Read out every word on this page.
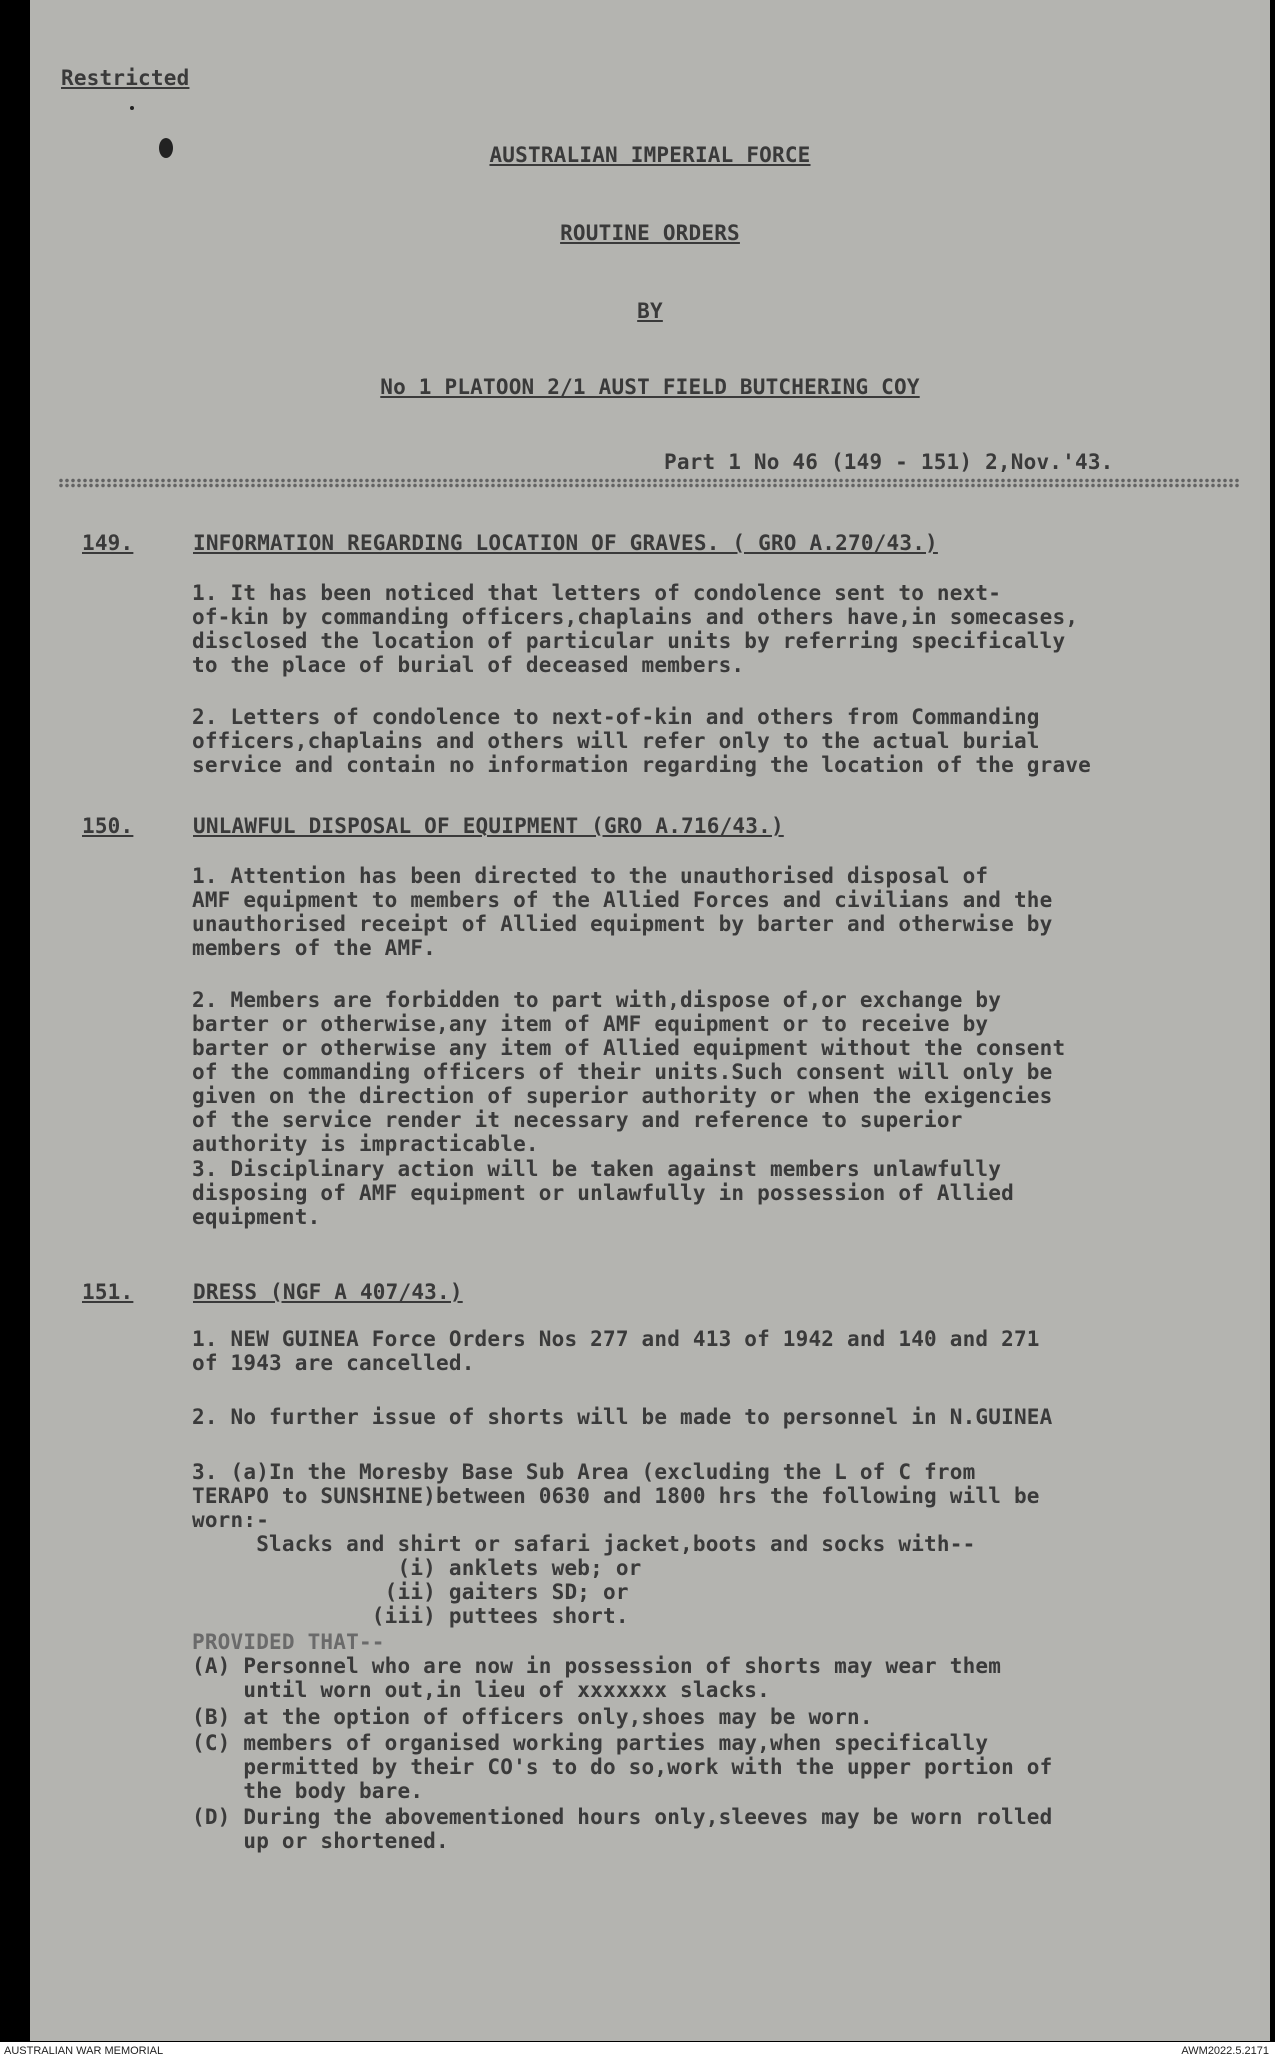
Restricted
AUSTRALIAN IMPERIAL FORCE
ROUTINE ORDERS
BY
No 1 PLATOON 2/1 AUST FIELD BUTCHERING COY
Part 1 No 46 (149 - 151) 2,Nov.'43.
149.	INFORMATION REGARDING LOCATION OF GRAVES. ( GRO A.270/43.)
1. It has been noticed that letters of condolence sent to next-
of-kin by commanding officers,chaplains and others have,in somecases,
disclosed the location of particular units by referring specifically
to the place of burial of deceased members.
2. Letters of condolence to next-of-kin and others from Commanding
officers,chaplains and others will refer only to the actual burial
service and contain no information regarding the location of the grave
150.	UNLAWFUL DISPOSAL OF EQUIPMENT (GRO A.716/43.)
1. Attention has been directed to the unauthorised disposal of
AMF equipment to members of the Allied Forces and civilians and the
unauthorised receipt of Allied equipment by barter and otherwise by
members of the AMF.
2. Members are forbidden to part with,dispose of,or exchange by
barter or otherwise,any item of AMF equipment or to receive by
barter or otherwise any item of Allied equipment without the consent
of the commanding officers of their units.Such consent will only be
given on the direction of superior authority or when the exigencies
of the service render it necessary and reference to superior
authority is impracticable.
3. Disciplinary action will be taken against members unlawfully
disposing of AMF equipment or unlawfully in possession of Allied
equipment.
151.	DRESS (NGF A 407/43.)
1. NEW GUINEA Force Orders Nos 277 and 413 of 1942 and 140 and 271
of 1943 are cancelled.
2. No further issue of shorts will be made to personnel in N.GUINEA
3. (a)In the Moresby Base Sub Area (excluding the L of C from
TERAPO to SUNSHINE)between 0630 and 1800 hrs the following will be
worn:-
Slacks and shirt or safari jacket,boots and socks with--
(i) anklets web; or
(ii) gaiters SD; or
(iii) puttees short.
PROVIDED THAT--
(A) Personnel who are now in possession of shorts may wear them
until worn out,in lieu of xxxxxxx slacks.
(B) at the option of officers only,shoes may be worn.
(C) members of organised working parties may,when specifically
permitted by their CO's to do so,work with the upper portion of
the body bare.
(D) During the abovementioned hours only,sleeves may be worn rolled
up or shortened.
AUSTRALIAN WAR MEMORIAL	AWM2022.5.2171
